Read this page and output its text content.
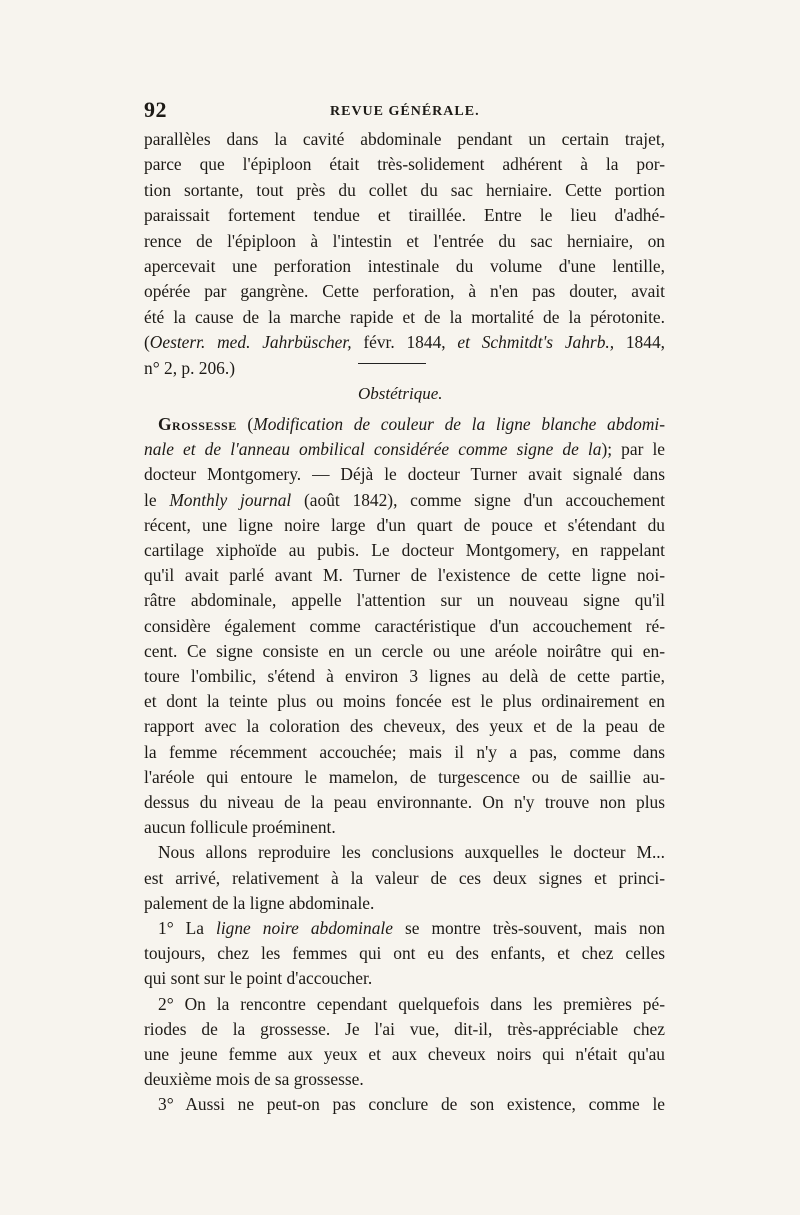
92	REVUE GÉNÉRALE.
parallèles dans la cavité abdominale pendant un certain trajet,
parce que l'épiploon était très-solidement adhérent à la por-
tion sortante, tout près du collet du sac herniaire. Cette portion
paraissait fortement tendue et tiraillée. Entre le lieu d'adhé-
rence de l'épiploon à l'intestin et l'entrée du sac herniaire, on
apercevait une perforation intestinale du volume d'une lentille,
opérée par gangrène. Cette perforation, à n'en pas douter, avait
été la cause de la marche rapide et de la mortalité de la pérotonite.
(Oesterr. med. Jahrbüscher, févr. 1844, et Schmitdt's Jahrb., 1844,
n° 2, p. 206.)
Obstétrique.
Grossesse (Modification de couleur de la ligne blanche abdomi-
nale et de l'anneau ombilical considérée comme signe de la); par le
docteur Montgomery. — Déjà le docteur Turner avait signalé dans
le Monthly journal (août 1842), comme signe d'un accouchement
récent, une ligne noire large d'un quart de pouce et s'étendant du
cartilage xiphoïde au pubis. Le docteur Montgomery, en rappelant
qu'il avait parlé avant M. Turner de l'existence de cette ligne noi-
râtre abdominale, appelle l'attention sur un nouveau signe qu'il
considère également comme caractéristique d'un accouchement ré-
cent. Ce signe consiste en un cercle ou une aréole noirâtre qui en-
toure l'ombilic, s'étend à environ 3 lignes au delà de cette partie,
et dont la teinte plus ou moins foncée est le plus ordinairement en
rapport avec la coloration des cheveux, des yeux et de la peau de
la femme récemment accouchée; mais il n'y a pas, comme dans
l'aréole qui entoure le mamelon, de turgescence ou de saillie au-
dessus du niveau de la peau environnante. On n'y trouve non plus
aucun follicule proéminent.
Nous allons reproduire les conclusions auxquelles le docteur M...
est arrivé, relativement à la valeur de ces deux signes et princi-
palement de la ligne abdominale.
1° La ligne noire abdominale se montre très-souvent, mais non
toujours, chez les femmes qui ont eu des enfants, et chez celles
qui sont sur le point d'accoucher.
2° On la rencontre cependant quelquefois dans les premières pé-
riodes de la grossesse. Je l'ai vue, dit-il, très-appréciable chez
une jeune femme aux yeux et aux cheveux noirs qui n'était qu'au
deuxième mois de sa grossesse.
3° Aussi ne peut-on pas conclure de son existence, comme le
